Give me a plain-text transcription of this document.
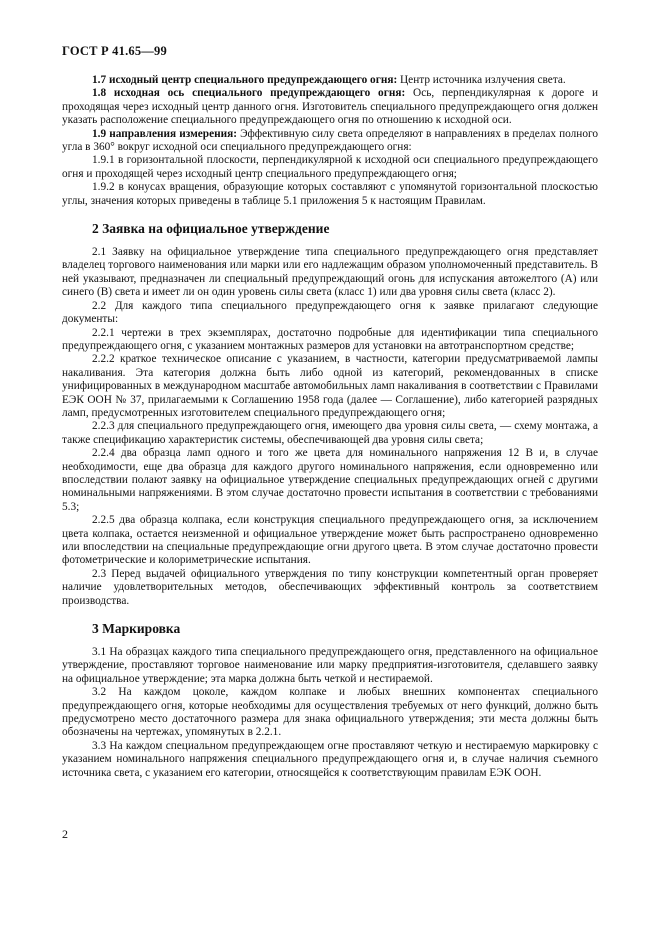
ГОСТ Р 41.65—99

1.7 исходный центр специального предупреждающего огня: Центр источника излучения света.

1.8 исходная ось специального предупреждающего огня: Ось, перпендикулярная к дороге и проходящая через исходный центр данного огня. Изготовитель специального предупреждающего огня должен указать расположение специального предупреждающего огня по отношению к исходной оси.

1.9 направления измерения: Эффективную силу света определяют в направлениях в пределах полного угла в 360° вокруг исходной оси специального предупреждающего огня:

1.9.1 в горизонтальной плоскости, перпендикулярной к исходной оси специального предупреждающего огня и проходящей через исходный центр специального предупреждающего огня;

1.9.2 в конусах вращения, образующие которых составляют с упомянутой горизонтальной плоскостью углы, значения которых приведены в таблице 5.1 приложения 5 к настоящим Правилам.

2 Заявка на официальное утверждение

2.1 Заявку на официальное утверждение типа специального предупреждающего огня представляет владелец торгового наименования или марки или его надлежащим образом уполномоченный представитель. В ней указывают, предназначен ли специальный предупреждающий огонь для испускания автожелтого (А) или синего (В) света и имеет ли он один уровень силы света (класс 1) или два уровня силы света (класс 2).

2.2 Для каждого типа специального предупреждающего огня к заявке прилагают следующие документы:

2.2.1 чертежи в трех экземплярах, достаточно подробные для идентификации типа специального предупреждающего огня, с указанием монтажных размеров для установки на автотранспортном средстве;

2.2.2 краткое техническое описание с указанием, в частности, категории предусматриваемой лампы накаливания. Эта категория должна быть либо одной из категорий, рекомендованных в списке унифицированных в международном масштабе автомобильных ламп накаливания в соответствии с Правилами ЕЭК ООН № 37, прилагаемыми к Соглашению 1958 года (далее — Соглашение), либо категорией разрядных ламп, предусмотренных изготовителем специального предупреждающего огня;

2.2.3 для специального предупреждающего огня, имеющего два уровня силы света, — схему монтажа, а также спецификацию характеристик системы, обеспечивающей два уровня силы света;

2.2.4 два образца ламп одного и того же цвета для номинального напряжения 12 В и, в случае необходимости, еще два образца для каждого другого номинального напряжения, если одновременно или впоследствии полают заявку на официальное утверждение специальных предупреждающих огней с другими номинальными напряжениями. В этом случае достаточно провести испытания в соответствии с требованиями 5.3;

2.2.5 два образца колпака, если конструкция специального предупреждающего огня, за исключением цвета колпака, остается неизменной и официальное утверждение может быть распространено одновременно или впоследствии на специальные предупреждающие огни другого цвета. В этом случае достаточно провести фотометрические и колориметрические испытания.

2.3 Перед выдачей официального утверждения по типу конструкции компетентный орган проверяет наличие удовлетворительных методов, обеспечивающих эффективный контроль за соответствием производства.

3 Маркировка

3.1 На образцах каждого типа специального предупреждающего огня, представленного на официальное утверждение, проставляют торговое наименование или марку предприятия-изготовителя, сделавшего заявку на официальное утверждение; эта марка должна быть четкой и нестираемой.

3.2 На каждом цоколе, каждом колпаке и любых внешних компонентах специального предупреждающего огня, которые необходимы для осуществления требуемых от него функций, должно быть предусмотрено место достаточного размера для знака официального утверждения; эти места должны быть обозначены на чертежах, упомянутых в 2.2.1.

3.3 На каждом специальном предупреждающем огне проставляют четкую и нестираемую маркировку с указанием номинального напряжения специального предупреждающего огня и, в случае наличия съемного источника света, с указанием его категории, относящейся к соответствующим правилам ЕЭК ООН.

2
